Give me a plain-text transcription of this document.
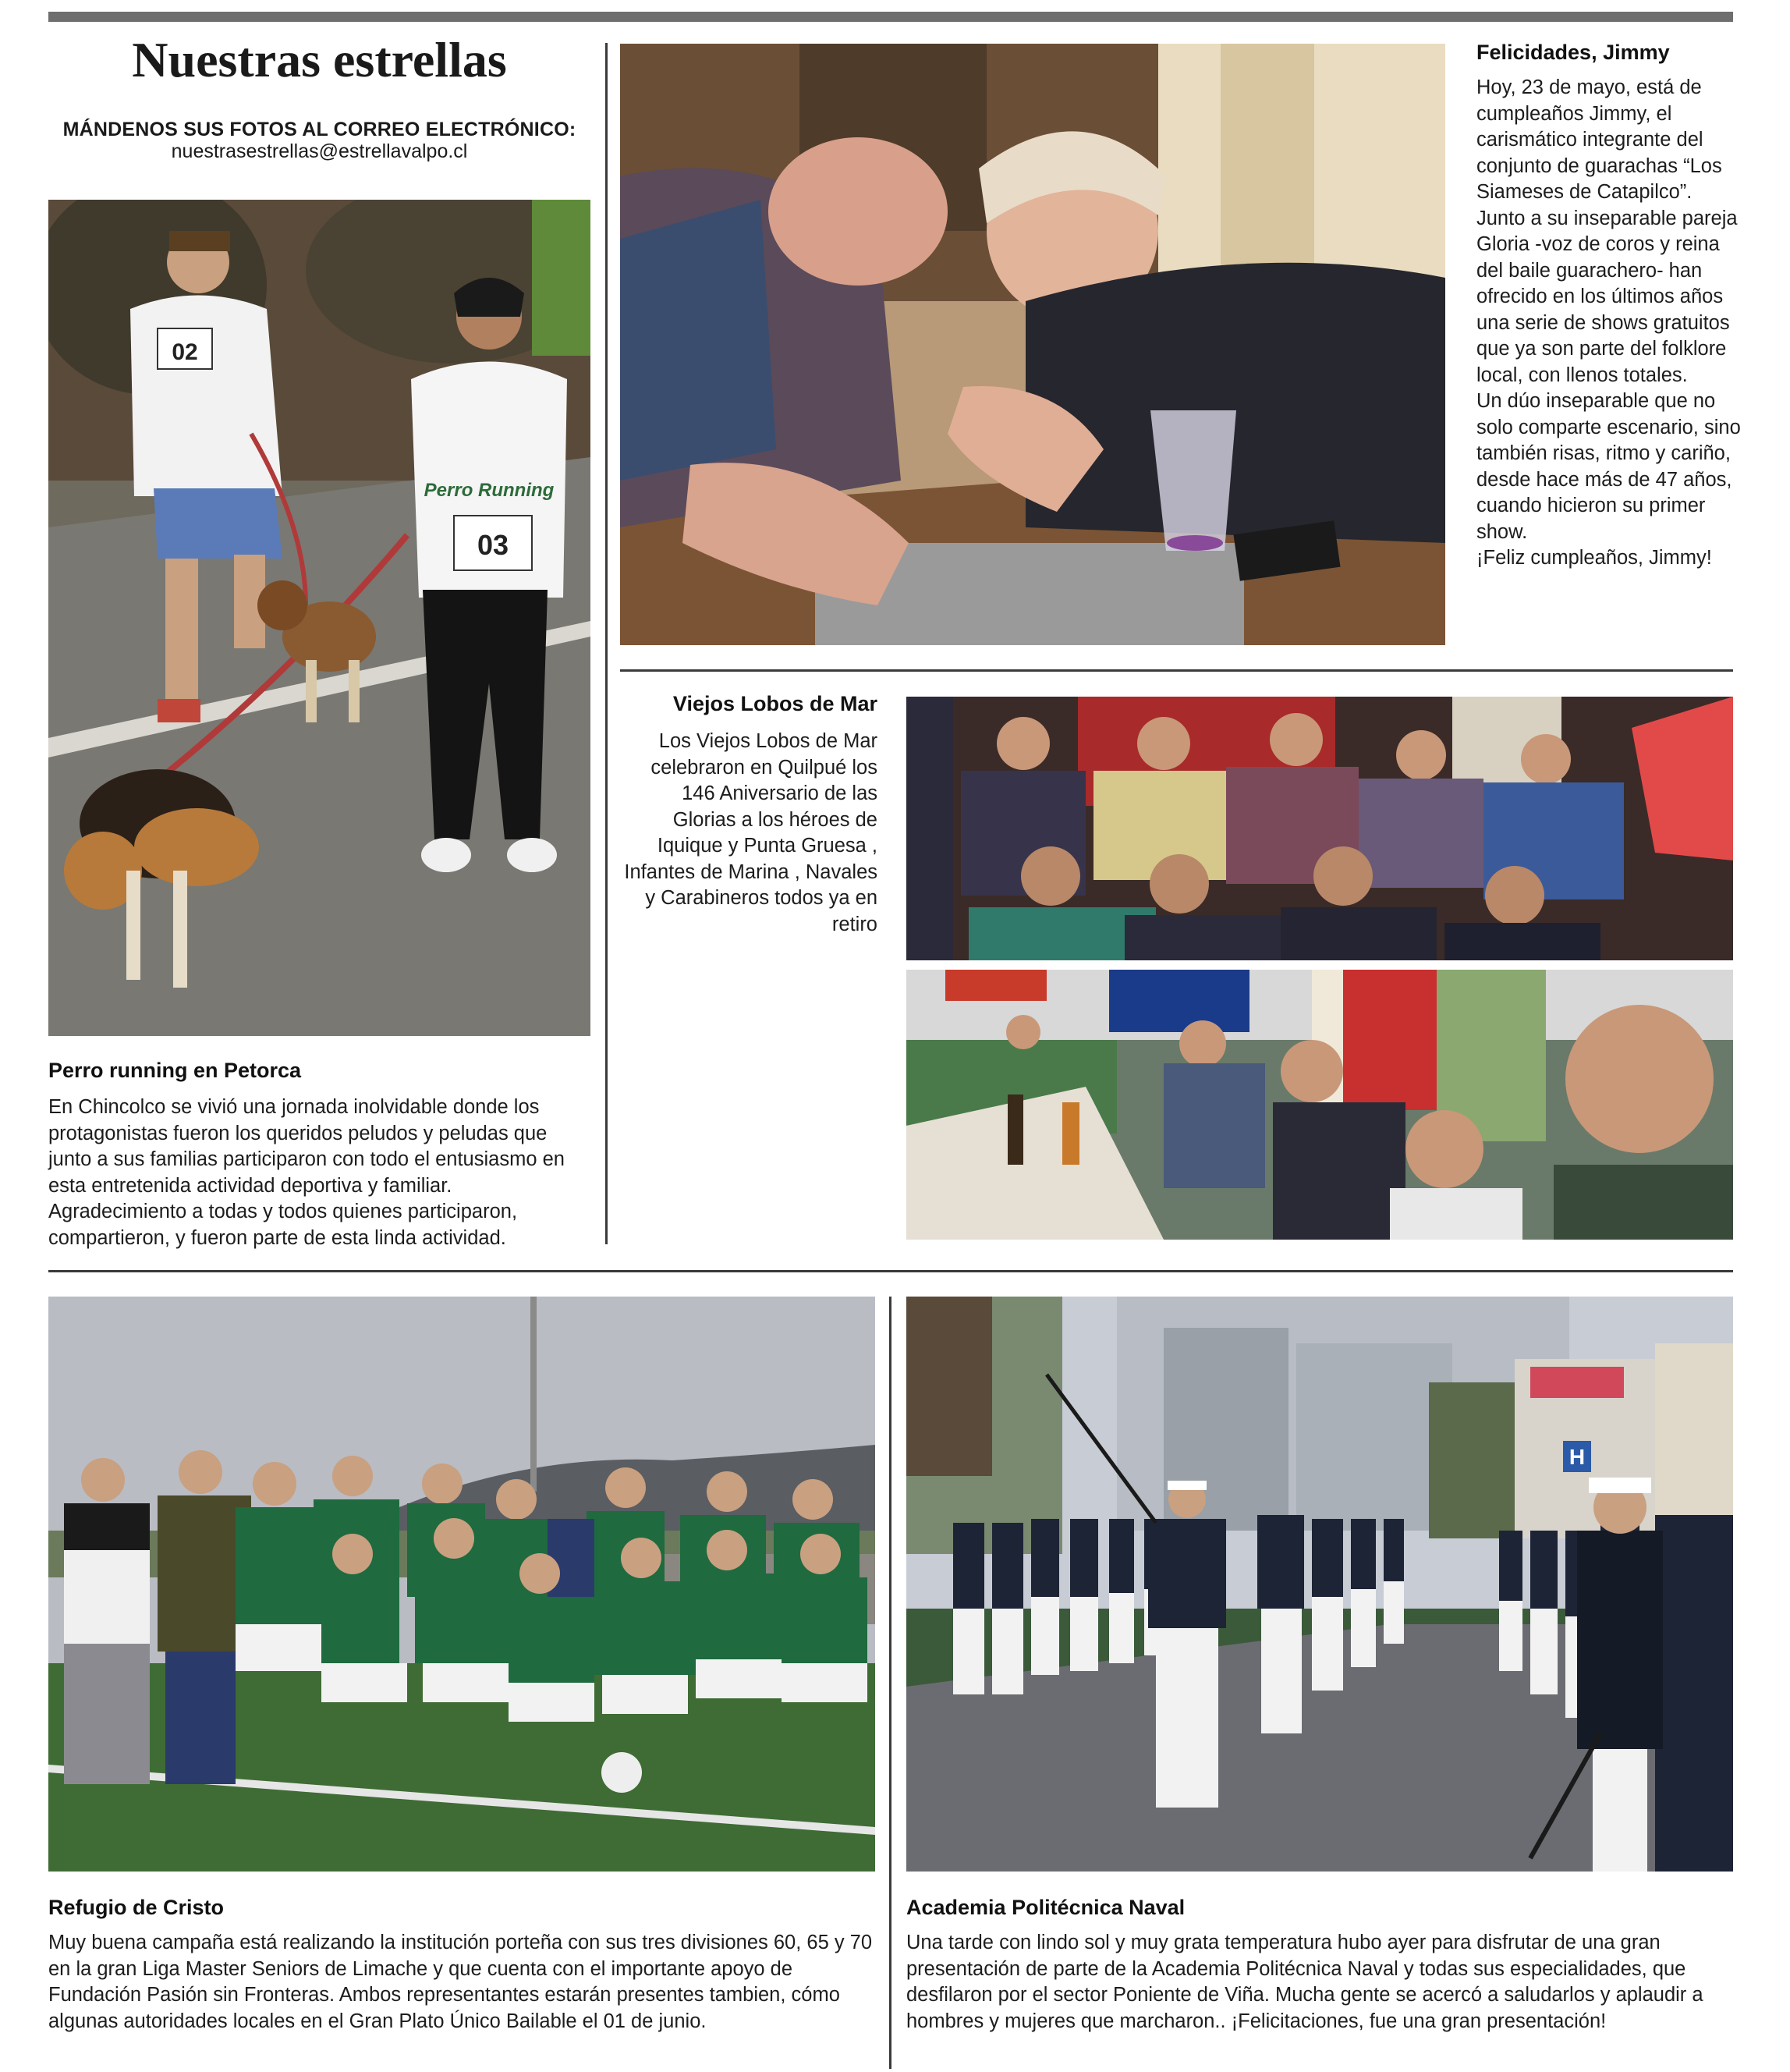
Nuestras estrellas
MÁNDENOS SUS FOTOS AL CORREO ELECTRÓNICO:
nuestrasestrellas@estrellavalpo.cl
02
Perro Running
03
Perro running en Petorca

En Chincolco se vivió una jornada inolvidable donde los protagonistas fueron los queridos peludos y peludas que junto a sus familias participaron con todo el entusiasmo en esta entretenida actividad deportiva y familiar. Agradecimiento a todas y todos quienes participaron, compartieron, y fueron parte de esta linda actividad.

Felicidades, Jimmy

Hoy, 23 de mayo, está de cumpleaños Jimmy, el carismático integrante del conjunto de guarachas “Los Siameses de Catapilco”. Junto a su inseparable pareja Gloria -voz de coros y reina del baile guarachero- han ofrecido en los últimos años una serie de shows gratuitos que ya son parte del folklore local, con llenos totales.

Un dúo inseparable que no solo comparte escenario, sino también risas, ritmo y cariño, desde hace más de 47 años, cuando hicieron su primer show.

¡Feliz cumpleaños, Jimmy!

Viejos Lobos de Mar

Los Viejos Lobos de Mar celebraron en Quilpué los 146 Aniversario de las Glorias a los héroes de Iquique y Punta Gruesa , Infantes de Marina , Navales y Carabineros todos ya en retiro

Refugio de Cristo

Muy buena campaña está realizando la institución porteña con sus tres divisiones 60, 65 y 70 en la gran Liga Master Seniors de Limache y que cuenta con el importante apoyo de Fundación Pasión sin Fronteras. Ambos representantes estarán presentes tambien, cómo algunas autoridades locales en el Gran Plato Único Bailable el 01 de junio.

H
Academia Politécnica Naval

Una tarde con lindo sol y muy grata temperatura hubo ayer para disfrutar de una gran presentación de parte de la Academia Politécnica Naval y todas sus especialidades, que desfilaron por el sector Poniente de Viña. Mucha gente se acercó a saludarlos y aplaudir a hombres y mujeres que marcharon.. ¡Felicitaciones, fue una gran presentación!
